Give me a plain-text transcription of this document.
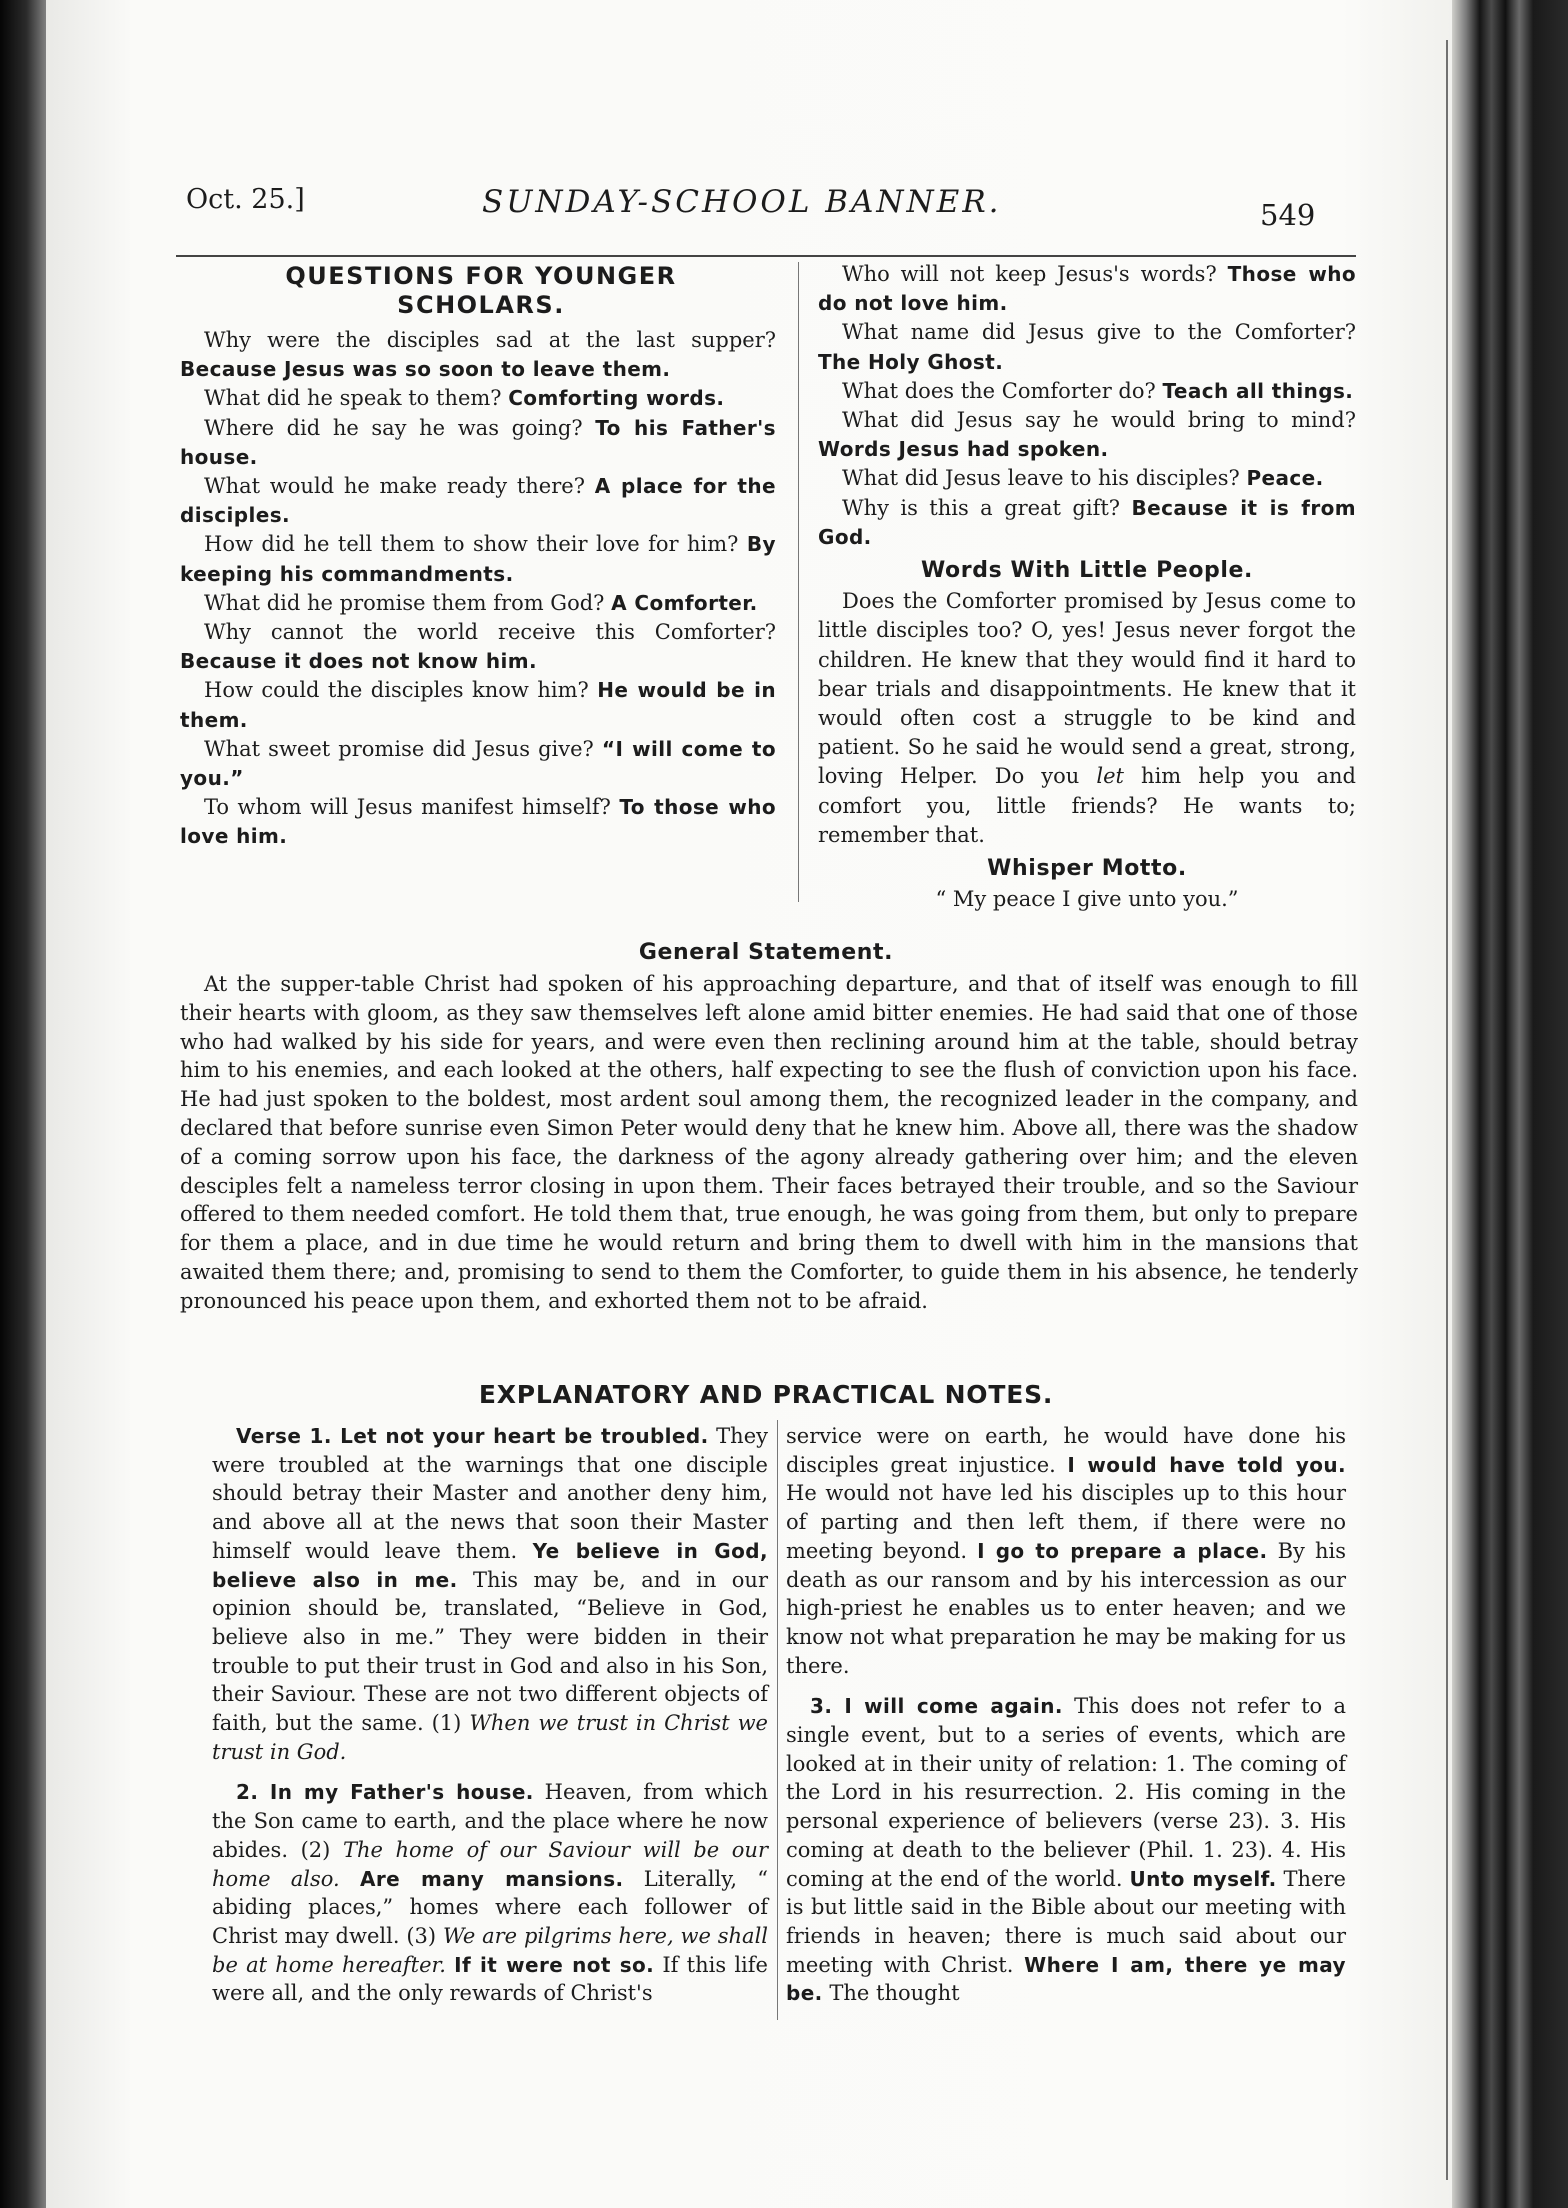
Oct. 25.]	SUNDAY-SCHOOL BANNER.	549
QUESTIONS FOR YOUNGER
SCHOLARS.

Why were the disciples sad at the last supper? Because Jesus was so soon to leave them.

What did he speak to them? Comforting words.

Where did he say he was going? To his Father's house.

What would he make ready there? A place for the disciples.

How did he tell them to show their love for him? By keeping his commandments.

What did he promise them from God? A Comforter.

Why cannot the world receive this Comforter? Because it does not know him.

How could the disciples know him? He would be in them.

What sweet promise did Jesus give? “I will come to you.”

To whom will Jesus manifest himself? To those who love him.

Who will not keep Jesus's words? Those who do not love him.

What name did Jesus give to the Comforter? The Holy Ghost.

What does the Comforter do? Teach all things.

What did Jesus say he would bring to mind? Words Jesus had spoken.

What did Jesus leave to his disciples? Peace.

Why is this a great gift? Because it is from God.

Words With Little People.

Does the Comforter promised by Jesus come to little disciples too? O, yes! Jesus never forgot the children. He knew that they would find it hard to bear trials and disappointments. He knew that it would often cost a struggle to be kind and patient. So he said he would send a great, strong, loving Helper. Do you let him help you and comfort you, little friends? He wants to; remember that.

Whisper Motto.

“ My peace I give unto you.”

General Statement.

At the supper-table Christ had spoken of his approaching departure, and that of itself was enough to fill their hearts with gloom, as they saw themselves left alone amid bitter enemies. He had said that one of those who had walked by his side for years, and were even then reclining around him at the table, should betray him to his enemies, and each looked at the others, half expecting to see the flush of conviction upon his face. He had just spoken to the boldest, most ardent soul among them, the recognized leader in the company, and declared that before sunrise even Simon Peter would deny that he knew him. Above all, there was the shadow of a coming sorrow upon his face, the darkness of the agony already gathering over him; and the eleven desciples felt a nameless terror closing in upon them. Their faces betrayed their trouble, and so the Saviour offered to them needed comfort. He told them that, true enough, he was going from them, but only to prepare for them a place, and in due time he would return and bring them to dwell with him in the mansions that awaited them there; and, promising to send to them the Comforter, to guide them in his absence, he tenderly pronounced his peace upon them, and exhorted them not to be afraid.

EXPLANATORY AND PRACTICAL NOTES.

Verse 1. Let not your heart be troubled. They were troubled at the warnings that one disciple should betray their Master and another deny him, and above all at the news that soon their Master himself would leave them. Ye believe in God, believe also in me. This may be, and in our opinion should be, translated, “Believe in God, believe also in me.” They were bidden in their trouble to put their trust in God and also in his Son, their Saviour. These are not two different objects of faith, but the same. (1) When we trust in Christ we trust in God.

2. In my Father's house. Heaven, from which the Son came to earth, and the place where he now abides. (2) The home of our Saviour will be our home also. Are many mansions. Literally, “ abiding places,” homes where each follower of Christ may dwell. (3) We are pilgrims here, we shall be at home hereafter. If it were not so. If this life were all, and the only rewards of Christ's

service were on earth, he would have done his disciples great injustice. I would have told you. He would not have led his disciples up to this hour of parting and then left them, if there were no meeting beyond. I go to prepare a place. By his death as our ransom and by his intercession as our high-priest he enables us to enter heaven; and we know not what preparation he may be making for us there.

3. I will come again. This does not refer to a single event, but to a series of events, which are looked at in their unity of relation: 1. The coming of the Lord in his resurrection. 2. His coming in the personal experience of believers (verse 23). 3. His coming at death to the believer (Phil. 1. 23). 4. His coming at the end of the world. Unto myself. There is but little said in the Bible about our meeting with friends in heaven; there is much said about our meeting with Christ. Where I am, there ye may be. The thought
